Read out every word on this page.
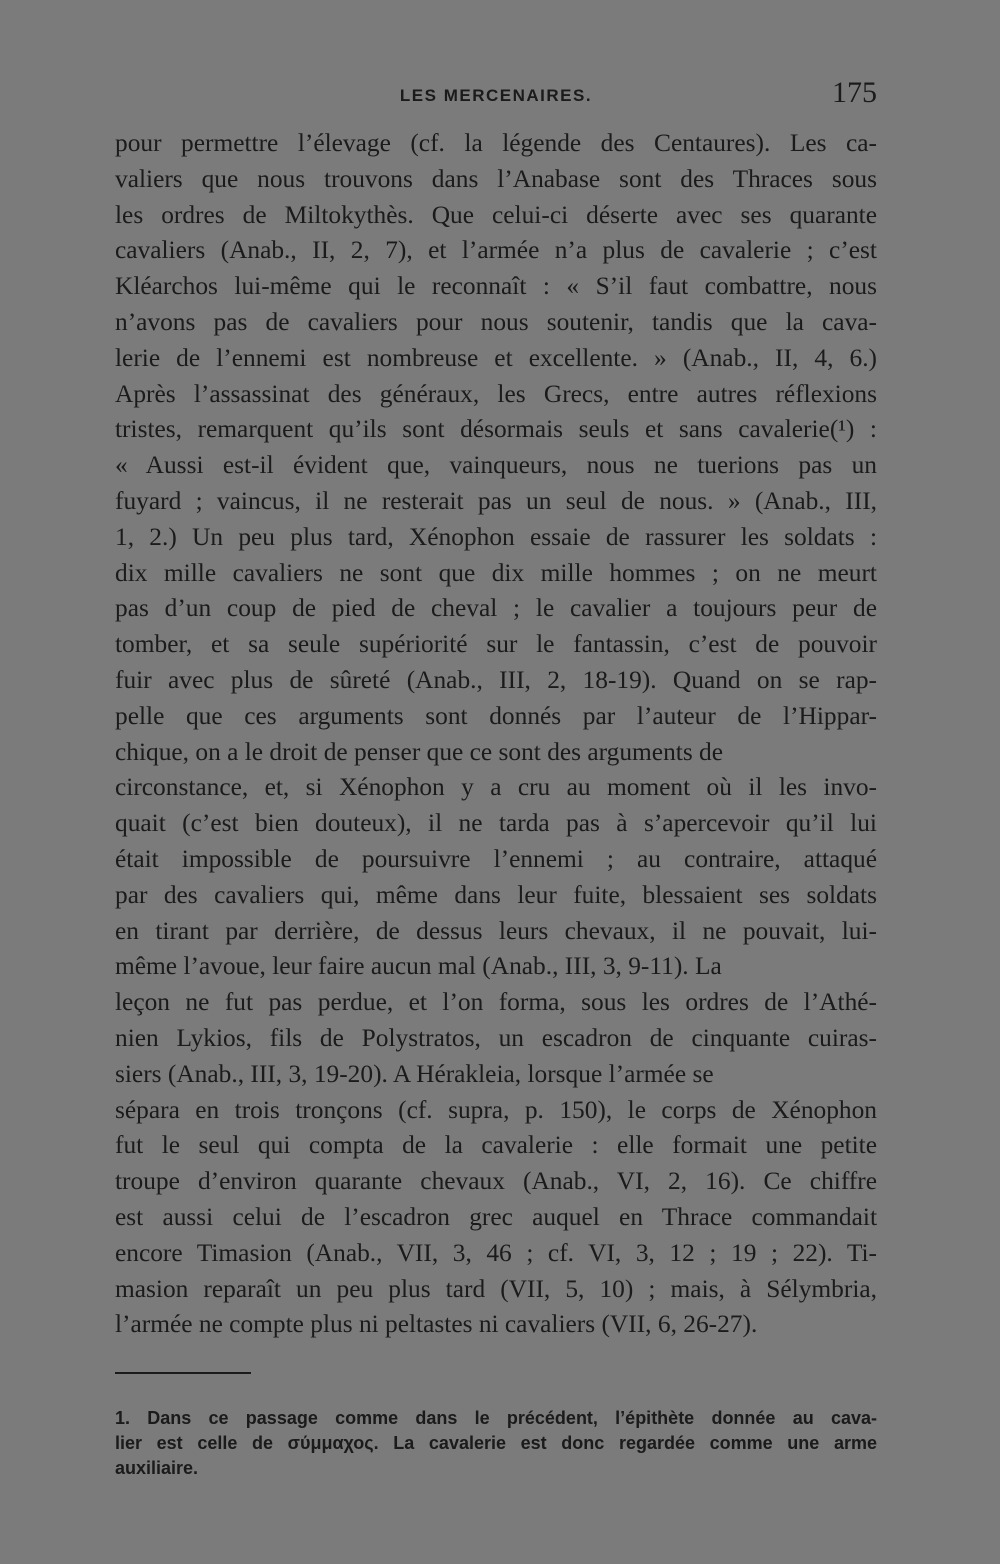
LES MERCENAIRES.	175
pour permettre l’élevage (cf. la légende des Centaures). Les ca-
valiers que nous trouvons dans l’Anabase sont des Thraces sous
les ordres de Miltokythès. Que celui-ci déserte avec ses quarante
cavaliers (Anab., II, 2, 7), et l’armée n’a plus de cavalerie ; c’est
Kléarchos lui-même qui le reconnaît : « S’il faut combattre, nous
n’avons pas de cavaliers pour nous soutenir, tandis que la cava-
lerie de l’ennemi est nombreuse et excellente. » (Anab., II, 4, 6.)
Après l’assassinat des généraux, les Grecs, entre autres réflexions
tristes, remarquent qu’ils sont désormais seuls et sans cavalerie(¹) :
« Aussi est-il évident que, vainqueurs, nous ne tuerions pas un
fuyard ; vaincus, il ne resterait pas un seul de nous. » (Anab., III,
1, 2.) Un peu plus tard, Xénophon essaie de rassurer les soldats :
dix mille cavaliers ne sont que dix mille hommes ; on ne meurt
pas d’un coup de pied de cheval ; le cavalier a toujours peur de
tomber, et sa seule supériorité sur le fantassin, c’est de pouvoir
fuir avec plus de sûreté (Anab., III, 2, 18-19). Quand on se rap-
pelle que ces arguments sont donnés par l’auteur de l’Hippar-
chique, on a le droit de penser que ce sont des arguments de
circonstance, et, si Xénophon y a cru au moment où il les invo-
quait (c’est bien douteux), il ne tarda pas à s’apercevoir qu’il lui
était impossible de poursuivre l’ennemi ; au contraire, attaqué
par des cavaliers qui, même dans leur fuite, blessaient ses soldats
en tirant par derrière, de dessus leurs chevaux, il ne pouvait, lui-
même l’avoue, leur faire aucun mal (Anab., III, 3, 9-11). La
leçon ne fut pas perdue, et l’on forma, sous les ordres de l’Athé-
nien Lykios, fils de Polystratos, un escadron de cinquante cuiras-
siers (Anab., III, 3, 19-20). A Hérakleia, lorsque l’armée se
sépara en trois tronçons (cf. supra, p. 150), le corps de Xénophon
fut le seul qui compta de la cavalerie : elle formait une petite
troupe d’environ quarante chevaux (Anab., VI, 2, 16). Ce chiffre
est aussi celui de l’escadron grec auquel en Thrace commandait
encore Timasion (Anab., VII, 3, 46 ; cf. VI, 3, 12 ; 19 ; 22). Ti-
masion reparaît un peu plus tard (VII, 5, 10) ; mais, à Sélymbria,
l’armée ne compte plus ni peltastes ni cavaliers (VII, 6, 26-27).
1. Dans ce passage comme dans le précédent, l’épithète donnée au cava-
lier est celle de σύμμαχος. La cavalerie est donc regardée comme une arme
auxiliaire.
